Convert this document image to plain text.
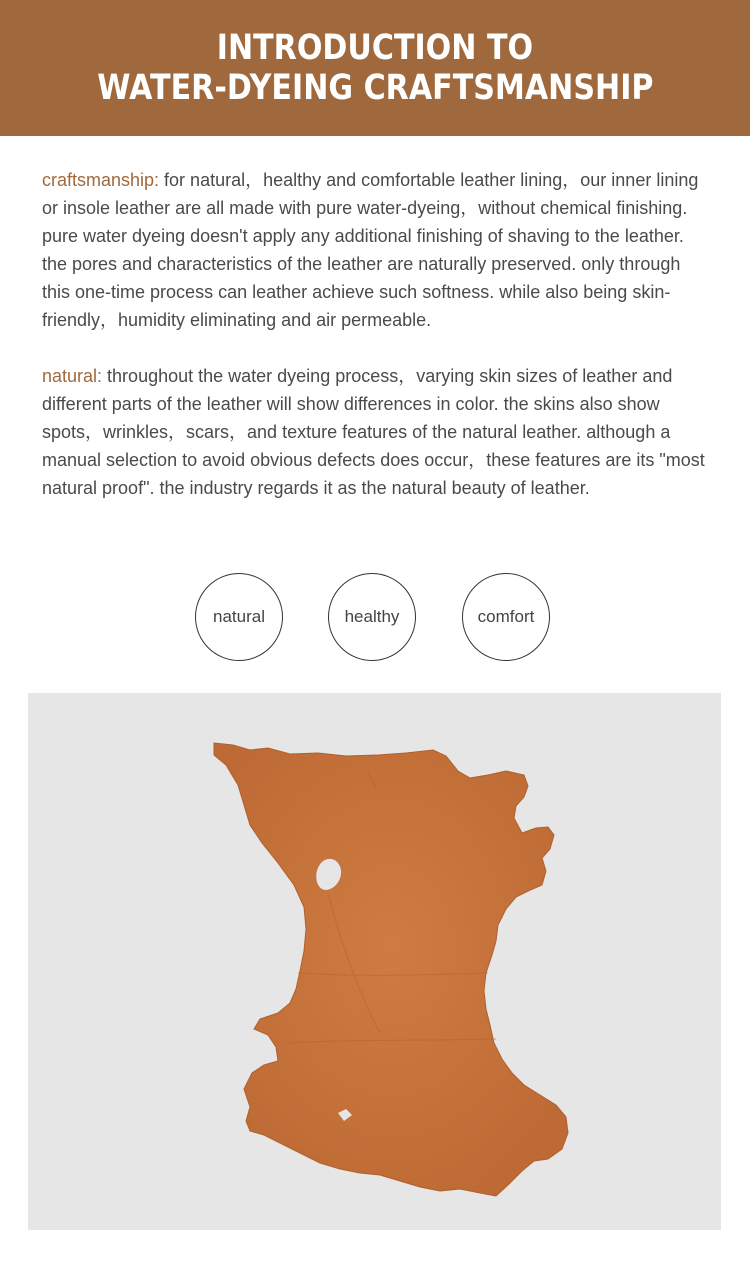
INTRODUCTION TO
WATER-DYEING CRAFTSMANSHIP

craftsmanship: for natural，healthy and comfortable leather lining，our inner lining or insole leather are all made with pure water-dyeing，without chemical finishing. pure water dyeing doesn't apply any additional finishing of shaving to the leather. the pores and characteristics of the leather are naturally preserved. only through this one-time process can leather achieve such softness. while also being skin-friendly，humidity eliminating and air permeable.

natural: throughout the water dyeing process，varying skin sizes of leather and different parts of the leather will show differences in color. the skins also show spots，wrinkles，scars，and texture features of the natural leather. although a manual selection to avoid obvious defects does occur，these features are its "most natural proof". the industry regards it as the natural beauty of leather.

natural	healthy	comfort
